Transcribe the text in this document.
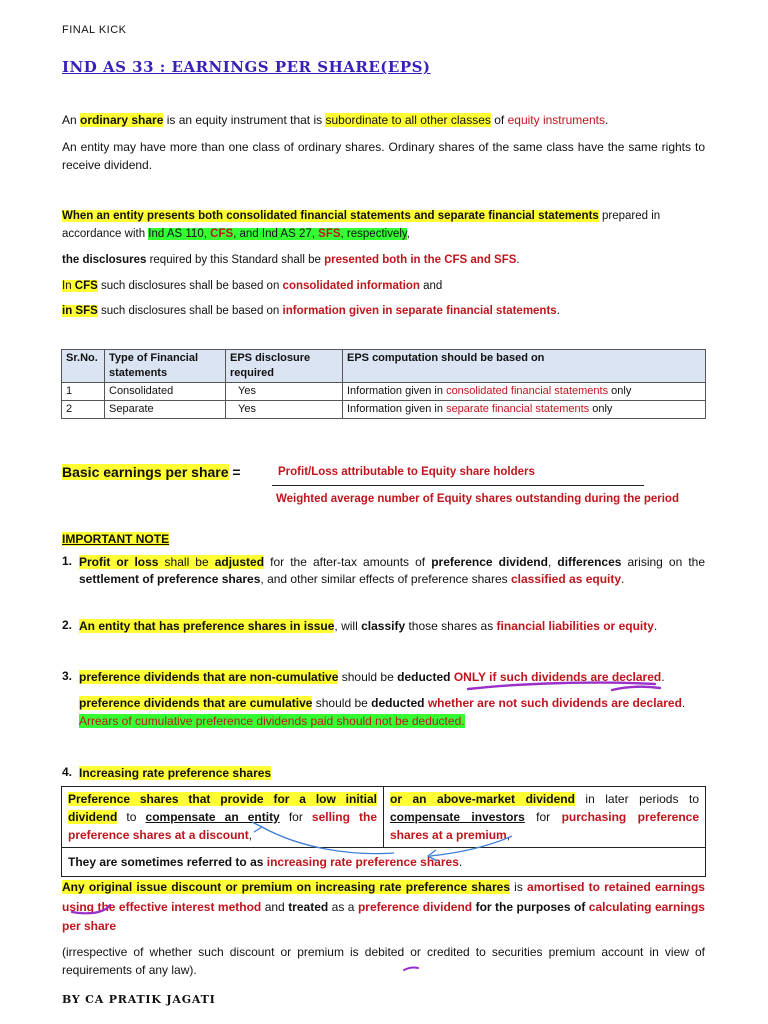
FINAL KICK
IND AS 33 : EARNINGS PER SHARE(EPS)
An ordinary share is an equity instrument that is subordinate to all other classes of equity instruments.
An entity may have more than one class of ordinary shares. Ordinary shares of the same class have the same rights to receive dividend.
When an entity presents both consolidated financial statements and separate financial statements prepared in accordance with Ind AS 110, CFS, and Ind AS 27, SFS, respectively,
the disclosures required by this Standard shall be presented both in the CFS and SFS.
In CFS such disclosures shall be based on consolidated information and
in SFS such disclosures shall be based on information given in separate financial statements.
Sr.No.	Type of Financial statements	EPS disclosure required	EPS computation should be based on
1	Consolidated	Yes	Information given in consolidated financial statements only
2	Separate	Yes	Information given in separate financial statements only
Basic earnings per share =	Profit/Loss attributable to Equity share holders
Weighted average number of Equity shares outstanding during the period
IMPORTANT NOTE
1. Profit or loss shall be adjusted for the after-tax amounts of preference dividend, differences arising on the settlement of preference shares, and other similar effects of preference shares classified as equity.
2. An entity that has preference shares in issue, will classify those shares as financial liabilities or equity.
3. preference dividends that are non-cumulative should be deducted ONLY if such dividends are declared.
preference dividends that are cumulative should be deducted whether are not such dividends are declared.
Arrears of cumulative preference dividends paid should not be deducted.
4. Increasing rate preference shares
Preference shares that provide for a low initial dividend to compensate an entity for selling the preference shares at a discount,	or an above-market dividend in later periods to compensate investors for purchasing preference shares at a premium,
They are sometimes referred to as increasing rate preference shares.
Any original issue discount or premium on increasing rate preference shares is amortised to retained earnings using the effective interest method and treated as a preference dividend for the purposes of calculating earnings per share
(irrespective of whether such discount or premium is debited or credited to securities premium account in view of requirements of any law).
BY CA PRATIK JAGATI
